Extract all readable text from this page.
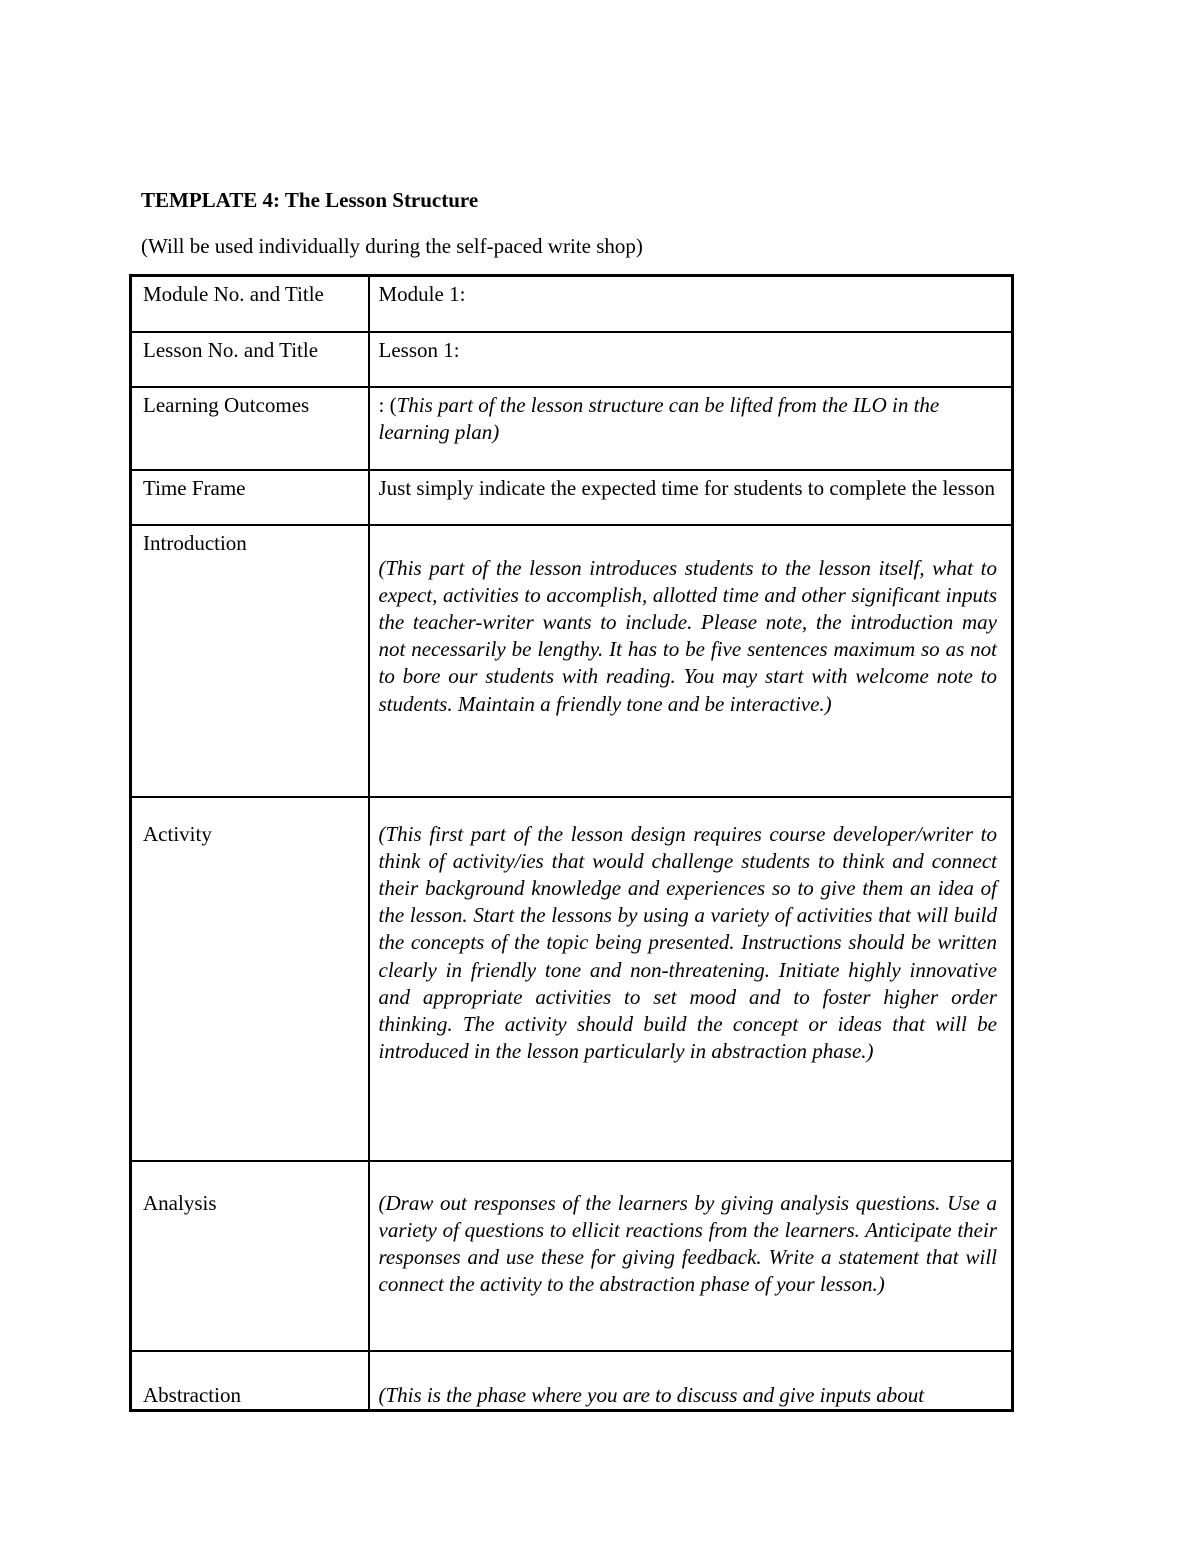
TEMPLATE 4: The Lesson Structure
(Will be used individually during the self-paced write shop)
Module No. and Title	Module 1:

Lesson No. and Title	Lesson 1:

Learning Outcomes	: (This part of the lesson structure can be lifted from the ILO in the learning plan)

Time Frame	Just simply indicate the expected time for students to complete the lesson

Introduction	(This part of the lesson introduces students to the lesson itself, what to expect, activities to accomplish, allotted time and other significant inputs the teacher-writer wants to include. Please note, the introduction may not necessarily be lengthy. It has to be five sentences maximum so as not to bore our students with reading. You may start with welcome note to students. Maintain a friendly tone and be interactive.)

Activity	(This first part of the lesson design requires course developer/writer to think of activity/ies that would challenge students to think and connect their background knowledge and experiences so to give them an idea of the lesson. Start the lessons by using a variety of activities that will build the concepts of the topic being presented. Instructions should be written clearly in friendly tone and non-threatening. Initiate highly innovative and appropriate activities to set mood and to foster higher order thinking. The activity should build the concept or ideas that will be introduced in the lesson particularly in abstraction phase.)

Analysis	(Draw out responses of the learners by giving analysis questions. Use a variety of questions to ellicit reactions from the learners. Anticipate their responses and use these for giving feedback. Write a statement that will connect the activity to the abstraction phase of your lesson.)

Abstraction	(This is the phase where you are to discuss and give inputs about
